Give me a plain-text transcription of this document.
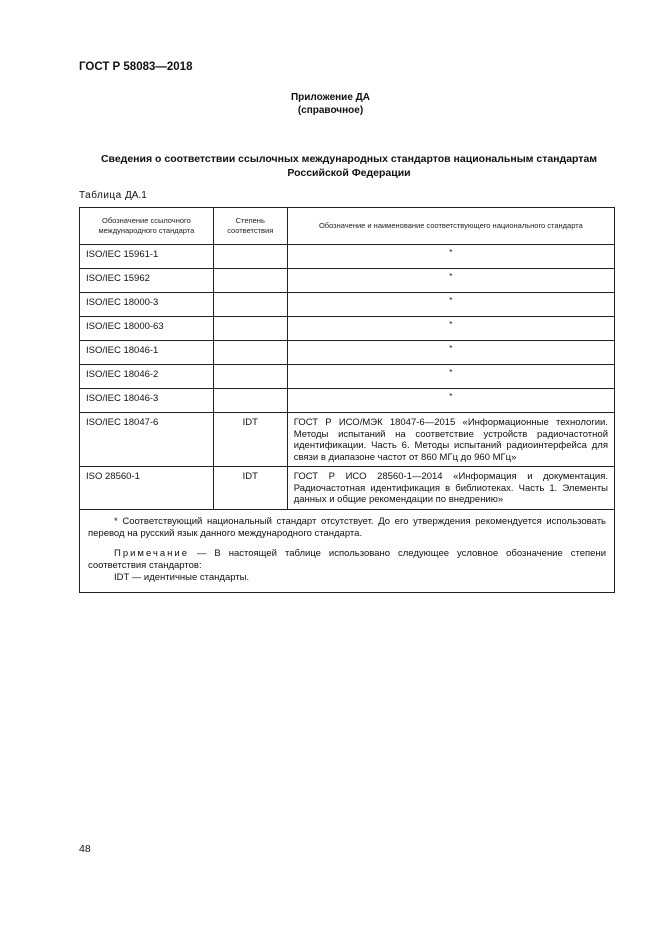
ГОСТ Р 58083—2018
Приложение ДА
(справочное)
Сведения о соответствии ссылочных международных стандартов национальным стандартам Российской Федерации
Таблица ДА.1
Обозначение ссылочного международного стандарта	Степень соответствия	Обозначение и наименование соответствующего национального стандарта
ISO/IEC 15961-1		*
ISO/IEC 15962		*
ISO/IEC 18000-3		*
ISO/IEC 18000-63		*
ISO/IEC 18046-1		*
ISO/IEC 18046-2		*
ISO/IEC 18046-3		*
ISO/IEC 18047-6	IDT	ГОСТ Р ИСО/МЭК 18047-6—2015 «Информационные технологии. Методы испытаний на соответствие устройств радиочастотной идентификации. Часть 6. Методы испытаний радиоинтерфейса для связи в диапазоне частот от 860 МГц до 960 МГц»
ISO 28560-1	IDT	ГОСТ Р ИСО 28560-1—2014 «Информация и документация. Радиочастотная идентификация в библиотеках. Часть 1. Элементы данных и общие рекомендации по внедрению»

* Соответствующий национальный стандарт отсутствует. До его утверждения рекомендуется использовать перевод на русский язык данного международного стандарта.

Примечание — В настоящей таблице использовано следующее условное обозначение степени соответствия стандартов:

IDT — идентичные стандарты.		

48
